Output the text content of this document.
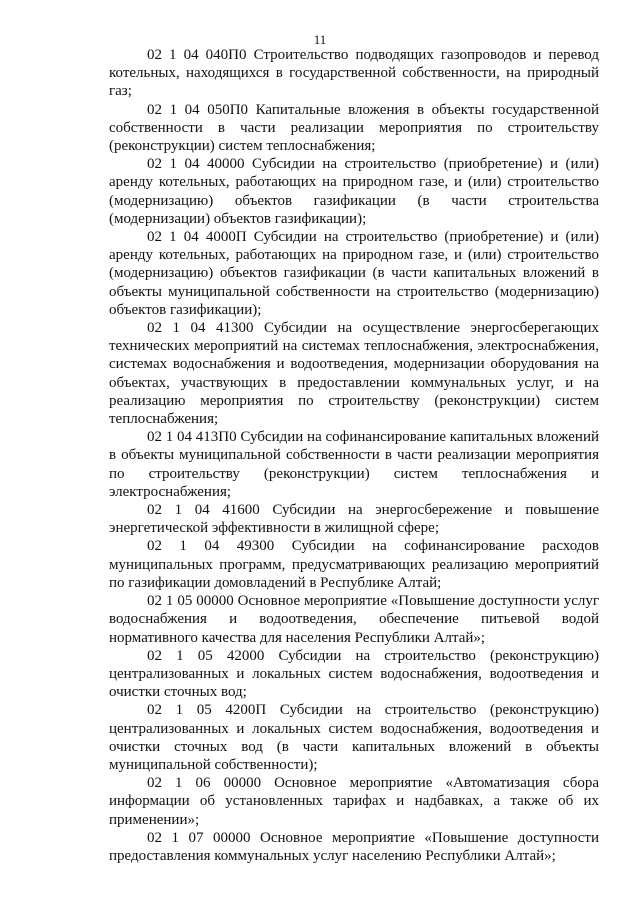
11

02 1 04 040П0 Строительство подводящих газопроводов и перевод котельных, находящихся в государственной собственности, на природный газ;

02 1 04 050П0 Капитальные вложения в объекты государственной собственности в части реализации мероприятия по строительству (реконструкции) систем теплоснабжения;

02 1 04 40000 Субсидии на строительство (приобретение) и (или) аренду котельных, работающих на природном газе, и (или) строительство (модернизацию) объектов газификации (в части строительства (модернизации) объектов газификации);

02 1 04 4000П Субсидии на строительство (приобретение) и (или) аренду котельных, работающих на природном газе, и (или) строительство (модернизацию) объектов газификации (в части капитальных вложений в объекты муниципальной собственности на строительство (модернизацию) объектов газификации);

02 1 04 41300 Субсидии на осуществление энергосберегающих технических мероприятий на системах теплоснабжения, электроснабжения, системах водоснабжения и водоотведения, модернизации оборудования на объектах, участвующих в предоставлении коммунальных услуг, и на реализацию мероприятия по строительству (реконструкции) систем теплоснабжения;

02 1 04 413П0 Субсидии на софинансирование капитальных вложений в объекты муниципальной собственности в части реализации мероприятия по строительству (реконструкции) систем теплоснабжения и электроснабжения;

02 1 04 41600 Субсидии на энергосбережение и повышение энергетической эффективности в жилищной сфере;

02 1 04 49300 Субсидии на софинансирование расходов муниципальных программ, предусматривающих реализацию мероприятий по газификации домовладений в Республике Алтай;

02 1 05 00000 Основное мероприятие «Повышение доступности услуг водоснабжения и водоотведения, обеспечение питьевой водой нормативного качества для населения Республики Алтай»;

02 1 05 42000 Субсидии на строительство (реконструкцию) централизованных и локальных систем водоснабжения, водоотведения и очистки сточных вод;

02 1 05 4200П Субсидии на строительство (реконструкцию) централизованных и локальных систем водоснабжения, водоотведения и очистки сточных вод (в части капитальных вложений в объекты муниципальной собственности);

02 1 06 00000 Основное мероприятие «Автоматизация сбора информации об установленных тарифах и надбавках, а также об их применении»;

02 1 07 00000 Основное мероприятие «Повышение доступности предоставления коммунальных услуг населению Республики Алтай»;
